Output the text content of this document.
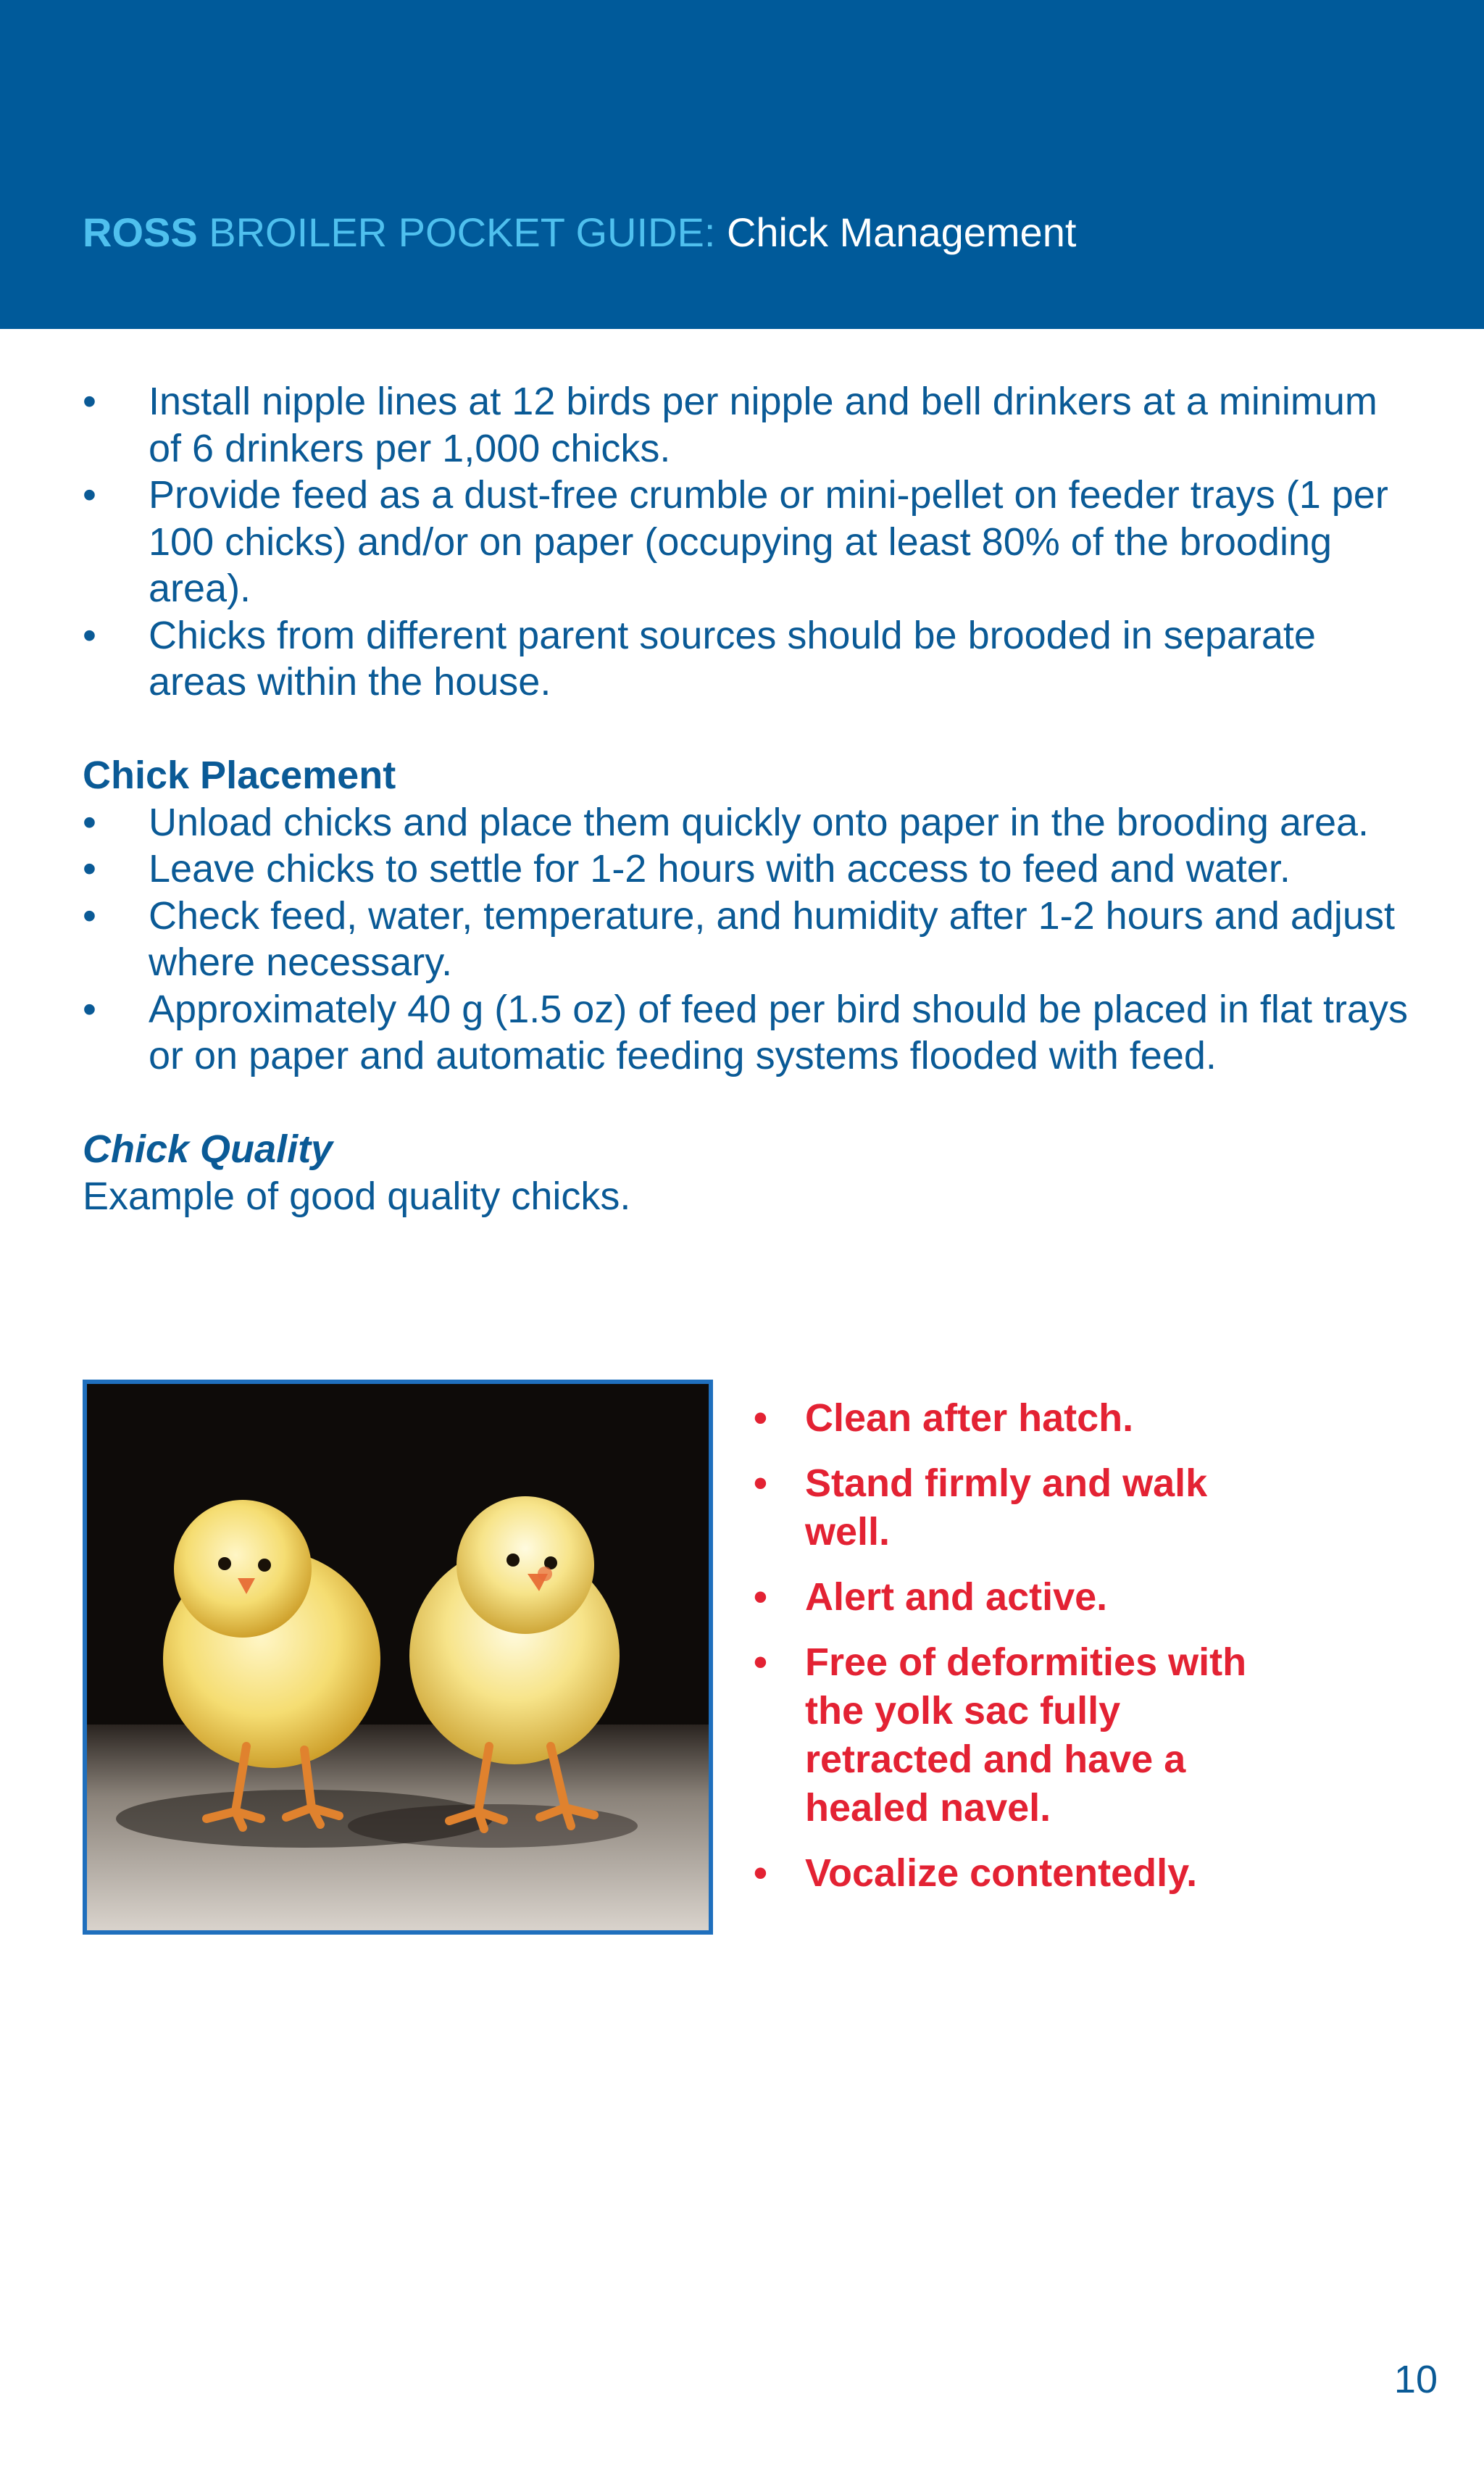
ROSS BROILER POCKET GUIDE: Chick Management
•	Install nipple lines at 12 birds per nipple and bell drinkers at a minimum of 6 drinkers per 1,000 chicks.
•	Provide feed as a dust-free crumble or mini-pellet on feeder trays (1 per 100 chicks) and/or on paper (occupying at least 80% of the brooding area).
•	Chicks from different parent sources should be brooded in separate areas within the house.
Chick Placement
•	Unload chicks and place them quickly onto paper in the brooding area.
•	Leave chicks to settle for 1-2 hours with access to feed and water.
•	Check feed, water, temperature, and humidity after 1-2 hours and adjust where necessary.
•	Approximately 40 g (1.5 oz) of feed per bird should be placed in flat trays or on paper and automatic feeding systems flooded with feed.
Chick Quality
Example of good quality chicks.
• Clean after hatch.
• Stand firmly and walk well.
• Alert and active.
• Free of deformities with the yolk sac fully retracted and have a healed navel.
• Vocalize contentedly.
10
